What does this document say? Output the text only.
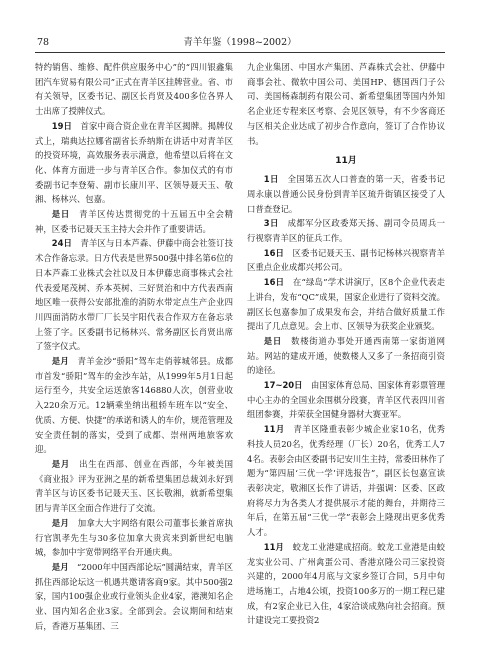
78	青羊年鉴（1998~2002）

特约销售、维修、配件供应服务中心”的“四川银鑫集团汽车贸易有限公司”正式在青羊区挂牌营业。省、市有关领导，区委书记、副区长肖贤及400多位各界人士出席了授牌仪式。

19日　首家中商合资企业在青羊区揭牌。揭牌仪式上，瑞典达拉娜省副省长乔纳斯在讲话中对青羊区的投资环境，高效服务表示满意，他希望以后将在文化、体育方面进一步与青羊区合作。参加仪式的有市委副书记李登菊、副市长康川平、区领导聂天玉、敬湘、杨林兴、包嘉。

是日　青羊区传达贯彻党的十五届五中全会精神，区委书记聂天玉主持大会并作了重要讲话。

24日　青羊区与日本芦森、伊藤中商会社签订技术合作备忘录。日方代表是世界500强中排名第6位的日本芦森工业株式会社以及日本伊藤忠商事株式会社代表爱尾茂树、乔本英树、三好贤治和中方代表西南地区唯一获得公安部批准的消防水带定点生产企业四川四面消防水带厂厂长吴宇阳代表合作双方在备忘录上签了字。区委副书记杨林兴、常务副区长肖贤出席了签字仪式。

是月　青羊金沙“骄阳”驾车走俏蓉城邻县。成都市首发“骄阳”驾车的金沙车站，从1999年5月1日起运行至今，共安全运送旅客146880人次，创营业收入220余万元。12辆乘坐纳出租轿车班车以“安全、优质、方便、快捷”的承诺和诱人的车价，规范管理及安全责任制的落实，受到了成都、崇州两地旅客欢迎。

是月　出生在西部、创业在西部，今年被美国《商业报》评为亚洲之星的新希望集团总裁刘永好到青羊区与访区委书记聂天玉、区长敬湘，就新希望集团与青羊区全面合作进行了交流。

是月　加拿大大宇网络有限公司董事长兼首席执行官凯孝先生与30多位加拿大贵宾来到新世纪电脑城，参加中宇宽带网络平台开通庆典。

是月　“2000年中国西部论坛”圆满结束，青羊区抓住西部论坛这一机遇共邀请客商9家。其中500强2家，国内100强企业或行业领头企业4家，港澳知名企业、国内知名企业3家。全部到会。会议期间和结束后，香港万基集团、三

九企业集团、中国水产集团、芦森株式会社、伊藤中商事会社、微软中国公司、美国HP、德国西门子公司、美国杨森制药有限公司、新希望集团等国内外知名企业还专程来区考察、会见区领导，有不少客商还与区相关企业达成了初步合作意向，签订了合作协议书。

11月

1日　全国第五次人口普查的第一天，省委书记周永康以普通公民身份到青羊区琉升街镇区接受了人口普查登记。

3日　成都军分区政委郑天扬、副司令员周兵一行视察青羊区的征兵工作。

16日　区委书记聂天玉、副书记杨林兴视察青羊区重点企业成都兴邦公司。

16日　在“绿岛”学术讲演厅，区8个企业代表走上讲台，发布“QC”成果，国家企业进行了资料交流。副区长包嘉参加了成果发布会，并结合做好质量工作提出了几点意见。会上市、区领导为获奖企业颁奖。

是日　数楼街道办事处开通西南第一家街道网站。网站的建成开通，使数楼人又多了一条招商引资的途径。

17~20日　由国家体育总局、国家体育彩票管理中心主办的全国业余围棋分段赛，青羊区代表四川省组团参赛，并荣获全国健身器材大赛亚军。

11月　青羊区隆重表彰少城企业家10名，优秀科技人员20名，优秀经理（厂长）20名，优秀工人74名。表彰会由区委副书记安川生主持，常委田林作了题为“第四届‘三优一学’评选报告”，副区长包嘉宣读表彰决定，敬湘区长作了讲话，并强调：区委、区政府将尽力为各类人才提供展示才能的舞台，并期待三年后，在第五届“三优一学”表彰会上隆现出更多优秀人才。

11月　蛟龙工业港建成招商。蛟龙工业港是由蛟龙实业公司、广州禽蛋公司、香港京隆公司三家投资兴建的，2000年4月底与文家乡签订合同，5月中旬进场施工，占地4公顷，投资100多万的一期工程已建成，有2家企业已入住，4家洽谈成熟向社会招商。预计建设完工要投资2
